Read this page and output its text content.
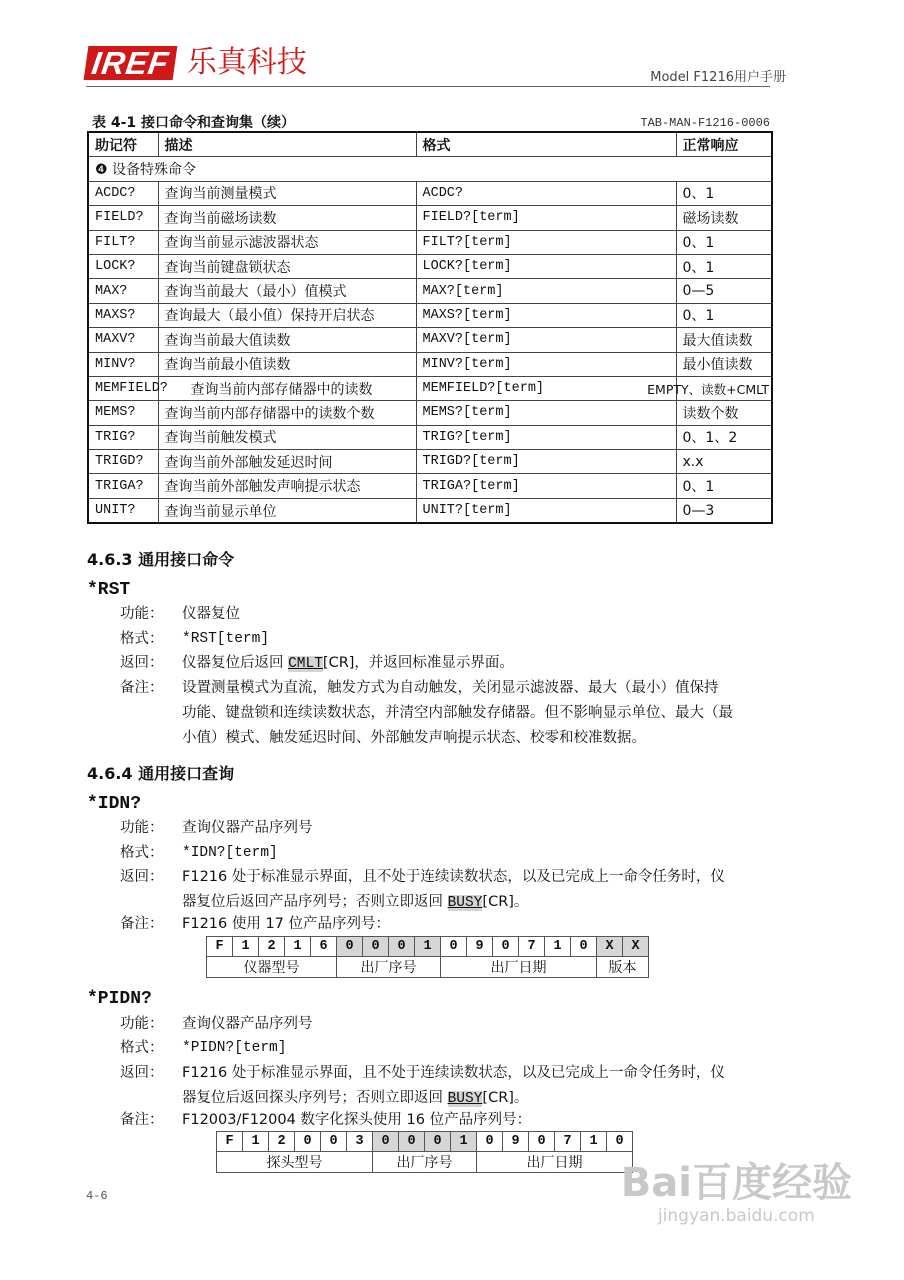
IREF 乐真科技	Model F1216用户手册
表 4-1 接口命令和查询集（续）	TAB-MAN-F1216-0006
助记符	描述	格式	正常响应
❹ 设备特殊命令			
ACDC?	查询当前测量模式	ACDC?	0、1
FIELD?	查询当前磁场读数	FIELD?[term]	磁场读数
FILT?	查询当前显示滤波器状态	FILT?[term]	0、1
LOCK?	查询当前键盘锁状态	LOCK?[term]	0、1
MAX?	查询当前最大（最小）值模式	MAX?[term]	0—5
MAXS?	查询最大（最小值）保持开启状态	MAXS?[term]	0、1
MAXV?	查询当前最大值读数	MAXV?[term]	最大值读数
MINV?	查询当前最小值读数	MINV?[term]	最小值读数
MEMFIELD?	查询当前内部存储器中的读数	MEMFIELD?[term]	EMPTY、读数+CMLT
MEMS?	查询当前内部存储器中的读数个数	MEMS?[term]	读数个数
TRIG?	查询当前触发模式	TRIG?[term]	0、1、2
TRIGD?	查询当前外部触发延迟时间	TRIGD?[term]	x.x
TRIGA?	查询当前外部触发声响提示状态	TRIGA?[term]	0、1
UNIT?	查询当前显示单位	UNIT?[term]	0—3
4.6.3 通用接口命令
*RST
功能：	仪器复位
格式：	*RST[term]
返回：	仪器复位后返回 CMLT[CR]，并返回标准显示界面。
备注：	设置测量模式为直流，触发方式为自动触发，关闭显示滤波器、最大（最小）值保持
功能、键盘锁和连续读数状态，并清空内部触发存储器。但不影响显示单位、最大（最
小值）模式、触发延迟时间、外部触发声响提示状态、校零和校准数据。
4.6.4 通用接口查询
*IDN?
功能：	查询仪器产品序列号
格式：	*IDN?[term]
返回：	F1216 处于标准显示界面，且不处于连续读数状态，以及已完成上一命令任务时，仪
器复位后返回产品序列号；否则立即返回 BUSY[CR]。
备注：	F1216 使用 17 位产品序列号：
F	1	2	1	6	0	0	0	1	0	9	0	7	1	0	X	X
仪器型号					出厂序号				出厂日期						版本	
*PIDN?
功能：	查询仪器产品序列号
格式：	*PIDN?[term]
返回：	F1216 处于标准显示界面，且不处于连续读数状态，以及已完成上一命令任务时，仪
器复位后返回探头序列号；否则立即返回 BUSY[CR]。
备注：	F12003/F12004 数字化探头使用 16 位产品序列号：
F	1	2	0	0	3	0	0	0	1	0	9	0	7	1	0
探头型号						出厂序号				出厂日期					
4-6	Bai百度经验
jingyan.baidu.com
